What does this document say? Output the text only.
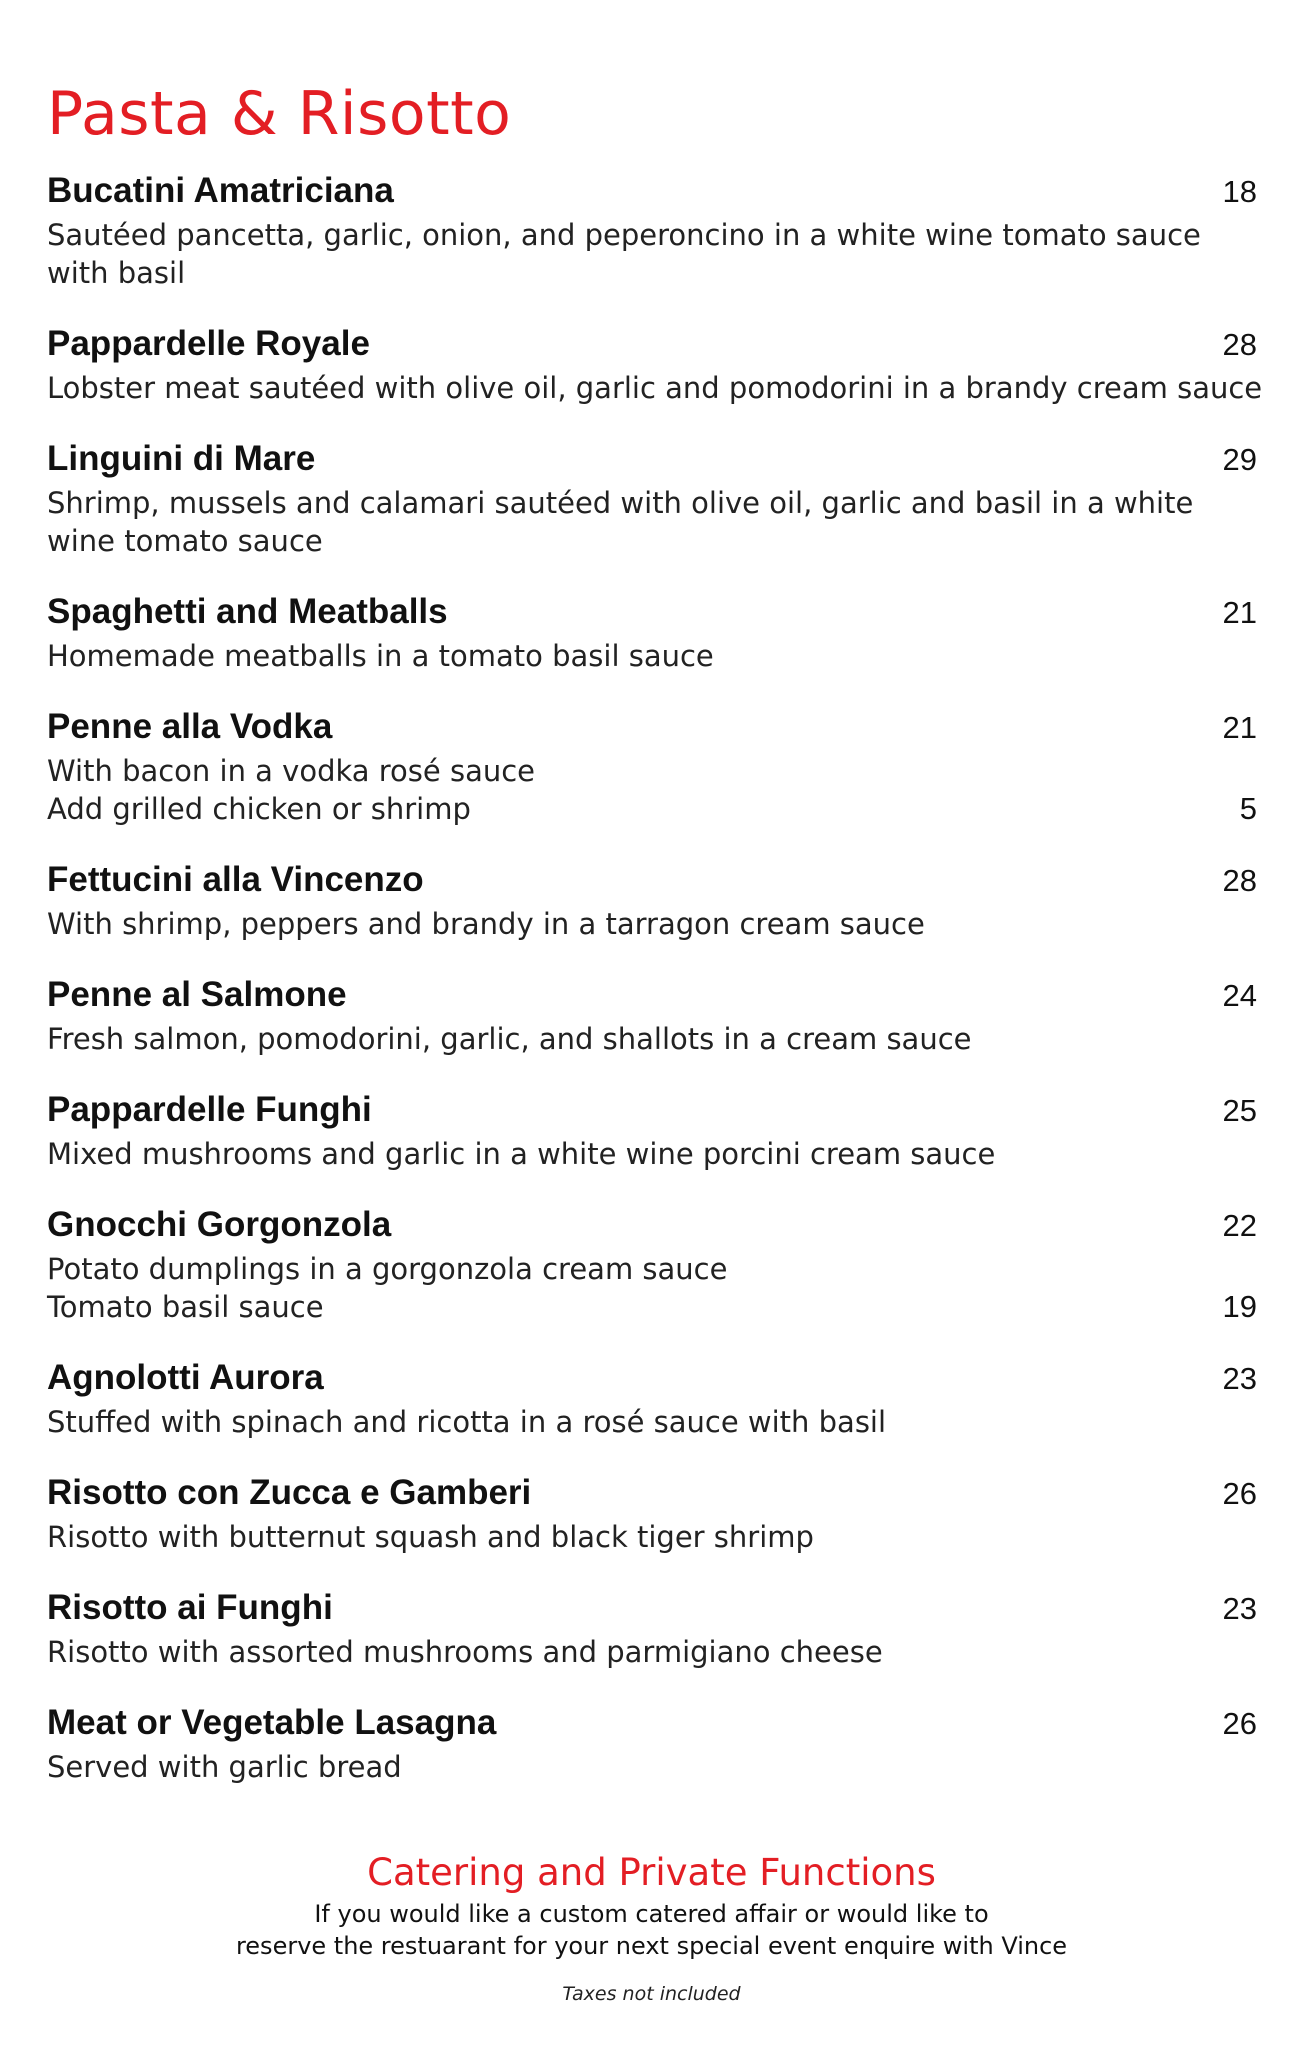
Pasta & Risotto
Bucatini Amatriciana	18
Sautéed pancetta, garlic, onion, and peperoncino in a white wine tomato sauce
with basil
Pappardelle Royale	28
Lobster meat sautéed with olive oil, garlic and pomodorini in a brandy cream sauce
Linguini di Mare	29
Shrimp, mussels and calamari sautéed with olive oil, garlic and basil in a white
wine tomato sauce
Spaghetti and Meatballs	21
Homemade meatballs in a tomato basil sauce
Penne alla Vodka	21
With bacon in a vodka rosé sauce
Add grilled chicken or shrimp	5
Fettucini alla Vincenzo	28
With shrimp, peppers and brandy in a tarragon cream sauce
Penne al Salmone	24
Fresh salmon, pomodorini, garlic, and shallots in a cream sauce
Pappardelle Funghi	25
Mixed mushrooms and garlic in a white wine porcini cream sauce
Gnocchi Gorgonzola	22
Potato dumplings in a gorgonzola cream sauce
Tomato basil sauce	19
Agnolotti Aurora	23
Stuffed with spinach and ricotta in a rosé sauce with basil
Risotto con Zucca e Gamberi	26
Risotto with butternut squash and black tiger shrimp
Risotto ai Funghi	23
Risotto with assorted mushrooms and parmigiano cheese
Meat or Vegetable Lasagna	26
Served with garlic bread
Catering and Private Functions
If you would like a custom catered affair or would like to
reserve the restuarant for your next special event enquire with Vince
Taxes not included
